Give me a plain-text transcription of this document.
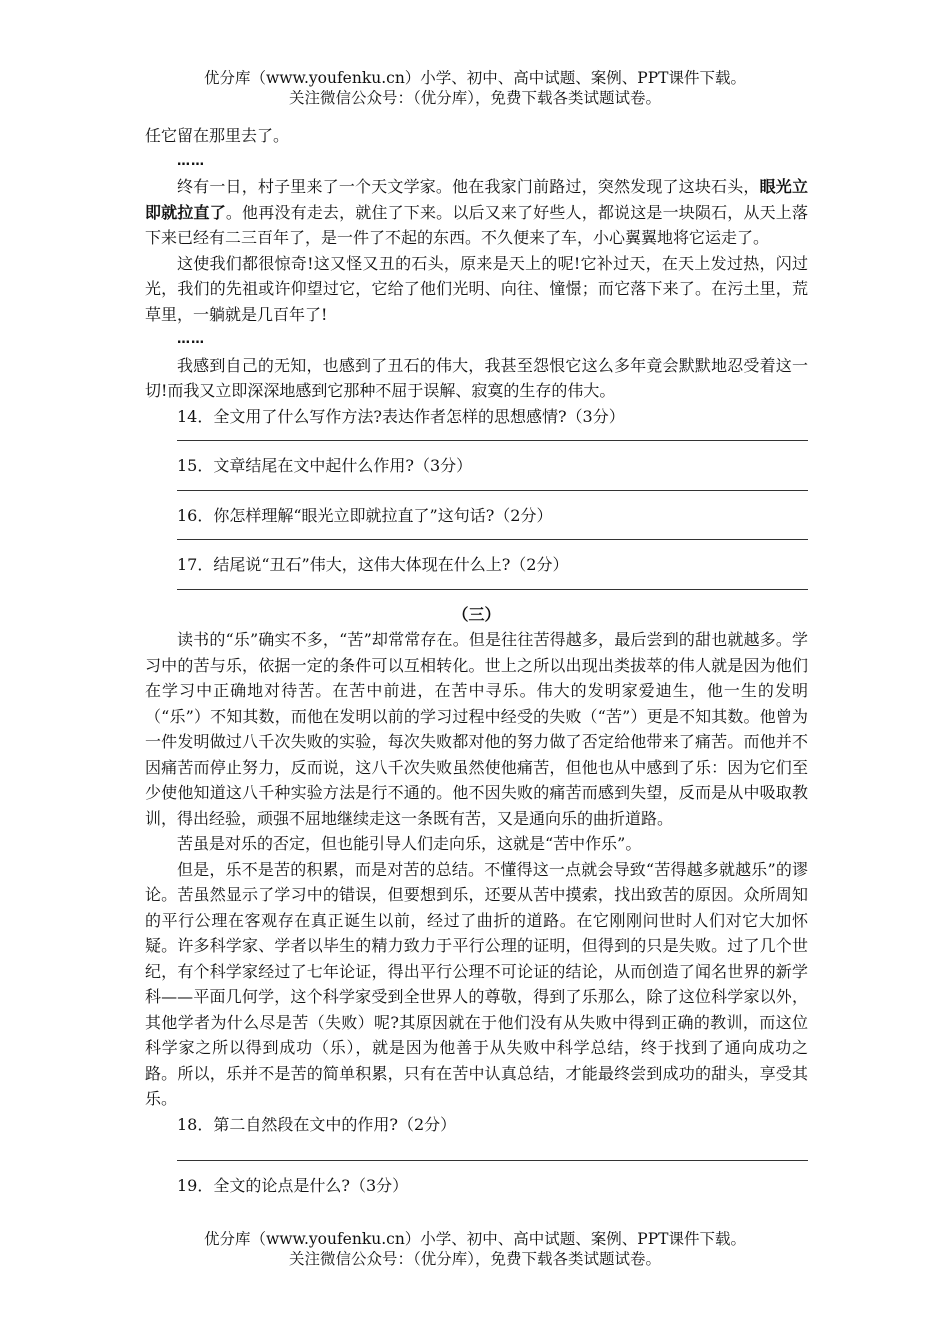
优分库（www.youfenku.cn）小学、初中、高中试题、案例、PPT课件下载。
关注微信公众号：（优分库），免费下载各类试题试卷。

任它留在那里去了。

……

终有一日，村子里来了一个天文学家。他在我家门前路过，突然发现了这块石头，眼光立即就拉直了。他再没有走去，就住了下来。以后又来了好些人，都说这是一块陨石，从天上落下来已经有二三百年了，是一件了不起的东西。不久便来了车，小心翼翼地将它运走了。

这使我们都很惊奇!这又怪又丑的石头，原来是天上的呢!它补过天，在天上发过热，闪过光，我们的先祖或许仰望过它，它给了他们光明、向往、憧憬；而它落下来了。在污土里，荒草里，一躺就是几百年了!

……

我感到自己的无知，也感到了丑石的伟大，我甚至怨恨它这么多年竟会默默地忍受着这一切!而我又立即深深地感到它那种不屈于误解、寂寞的生存的伟大。

14．全文用了什么写作方法?表达作者怎样的思想感情?（3分）
15．文章结尾在文中起什么作用?（3分）
16．你怎样理解“眼光立即就拉直了”这句话?（2分）
17．结尾说“丑石”伟大，这伟大体现在什么上?（2分）
（三）

读书的“乐”确实不多，“苦”却常常存在。但是往往苦得越多，最后尝到的甜也就越多。学习中的苦与乐，依据一定的条件可以互相转化。世上之所以出现出类拔萃的伟人就是因为他们在学习中正确地对待苦。在苦中前进，在苦中寻乐。伟大的发明家爱迪生，他一生的发明（“乐”）不知其数，而他在发明以前的学习过程中经受的失败（“苦”）更是不知其数。他曾为一件发明做过八千次失败的实验，每次失败都对他的努力做了否定给他带来了痛苦。而他并不因痛苦而停止努力，反而说，这八千次失败虽然使他痛苦，但他也从中感到了乐：因为它们至少使他知道这八千种实验方法是行不通的。他不因失败的痛苦而感到失望，反而是从中吸取教训，得出经验，顽强不屈地继续走这一条既有苦，又是通向乐的曲折道路。

苦虽是对乐的否定，但也能引导人们走向乐，这就是“苦中作乐”。

但是，乐不是苦的积累，而是对苦的总结。不懂得这一点就会导致“苦得越多就越乐”的谬论。苦虽然显示了学习中的错误，但要想到乐，还要从苦中摸索，找出致苦的原因。众所周知的平行公理在客观存在真正诞生以前，经过了曲折的道路。在它刚刚问世时人们对它大加怀疑。许多科学家、学者以毕生的精力致力于平行公理的证明，但得到的只是失败。过了几个世纪，有个科学家经过了七年论证，得出平行公理不可论证的结论，从而创造了闻名世界的新学科——平面几何学，这个科学家受到全世界人的尊敬，得到了乐那么，除了这位科学家以外，其他学者为什么尽是苦（失败）呢?其原因就在于他们没有从失败中得到正确的教训，而这位科学家之所以得到成功（乐），就是因为他善于从失败中科学总结，终于找到了通向成功之路。所以，乐并不是苦的简单积累，只有在苦中认真总结，才能最终尝到成功的甜头，享受其乐。

18．第二自然段在文中的作用?（2分）
19．全文的论点是什么?（3分）
优分库（www.youfenku.cn）小学、初中、高中试题、案例、PPT课件下载。
关注微信公众号：（优分库），免费下载各类试题试卷。
